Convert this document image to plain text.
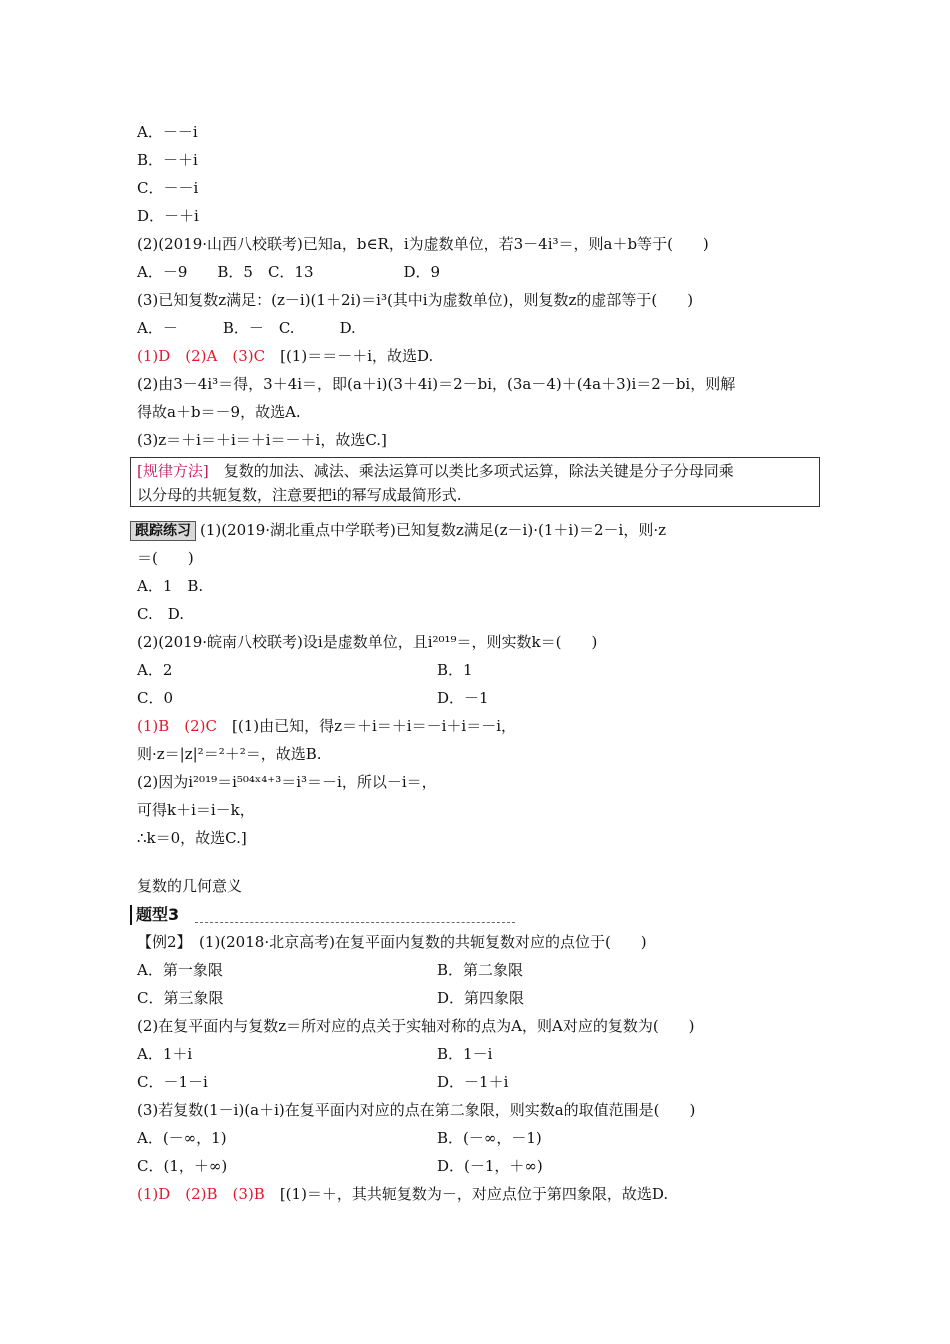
A．－－i
B．－＋i
C．－－i
D．－＋i
(2)(2019·山西八校联考)已知a，b∈R，i为虚数单位，若3－4i³＝，则a＋b等于(　　)
A．－9　　B．5　C．13　　　　　　D．9
(3)已知复数z满足：(z－i)(1＋2i)＝i³(其中i为虚数单位)，则复数z的虚部等于(　　)
A．－　　　B．－　C.　　　D.
(1)D　(2)A　(3)C　[(1)＝＝－＋i，故选D.
(2)由3－4i³＝得，3＋4i＝，即(a＋i)(3＋4i)＝2－bi，(3a－4)＋(4a＋3)i＝2－bi，则解
得故a＋b＝－9，故选A.
(3)z＝＋i＝＋i＝＋i＝－＋i，故选C.]
[规律方法]　复数的加法、减法、乘法运算可以类比多项式运算，除法关键是分子分母同乘
以分母的共轭复数，注意要把i的幂写成最简形式.
跟踪练习 (1)(2019·湖北重点中学联考)已知复数z满足(z－i)·(1＋i)＝2－i，则·z
＝(　　)
A．1　B.
C.　D.
(2)(2019·皖南八校联考)设i是虚数单位，且i²⁰¹⁹＝，则实数k＝(　　)
A．2	B．1
C．0	D．－1
(1)B　(2)C　[(1)由已知，得z＝＋i＝＋i＝－i＋i＝－i，
则·z＝|z|²＝²＋²＝，故选B.
(2)因为i²⁰¹⁹＝i⁵⁰⁴ˣ⁴⁺³＝i³＝－i，所以－i＝，
可得k＋i＝i－k，
∴k＝0，故选C.]
复数的几何意义
题型3
【例2】　(1)(2018·北京高考)在复平面内复数的共轭复数对应的点位于(　　)
A．第一象限	B．第二象限
C．第三象限	D．第四象限
(2)在复平面内与复数z＝所对应的点关于实轴对称的点为A，则A对应的复数为(　　)
A．1＋i	B．1－i
C．－1－i	D．－1＋i
(3)若复数(1－i)(a＋i)在复平面内对应的点在第二象限，则实数a的取值范围是(　　)
A．(－∞，1)	B．(－∞，－1)
C．(1，＋∞)	D．(－1，＋∞)
(1)D　(2)B　(3)B　[(1)＝＋，其共轭复数为－，对应点位于第四象限，故选D.
